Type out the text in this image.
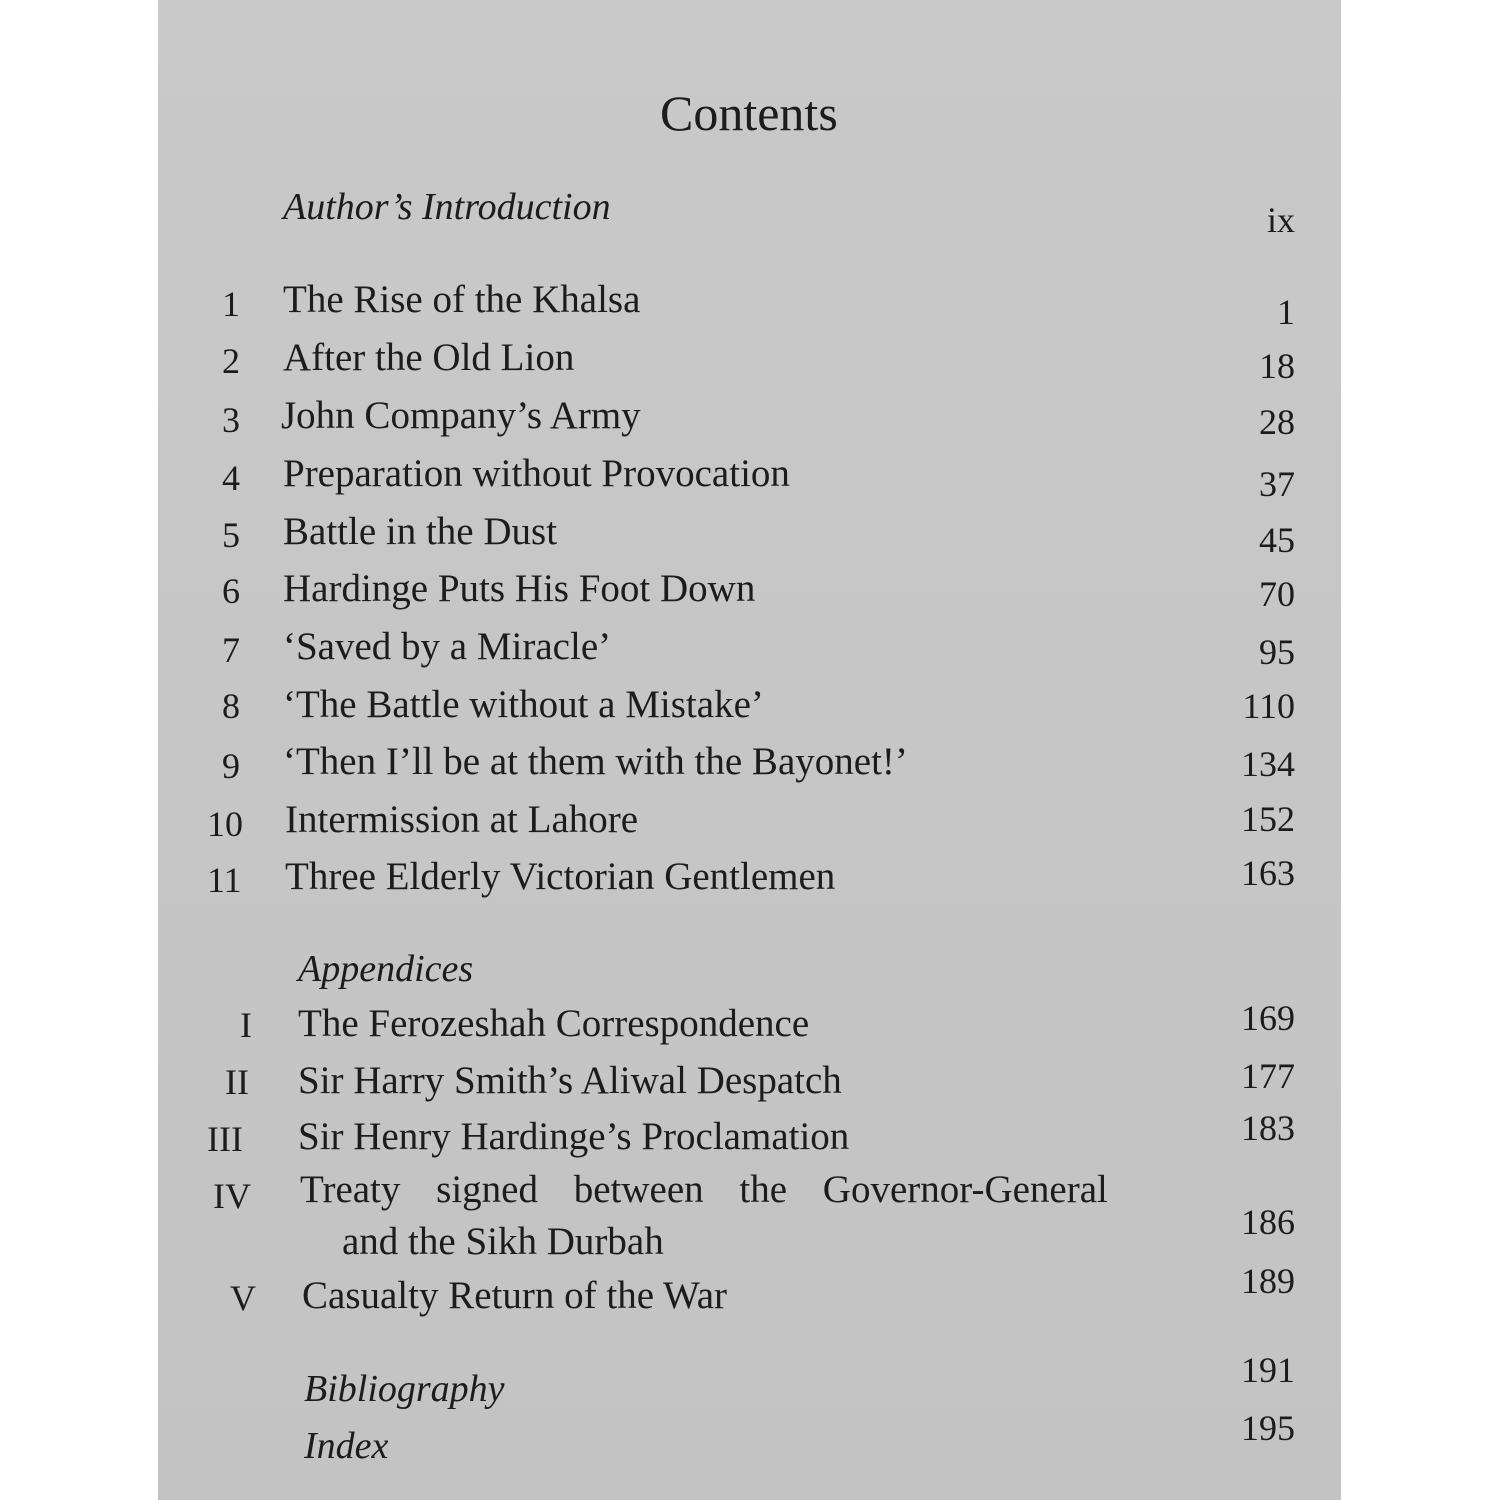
Contents
Author’s Introduction	ix
1 The Rise of the Khalsa	1
2 After the Old Lion	18
3 John Company’s Army	28
4 Preparation without Provocation	37
5 Battle in the Dust	45
6 Hardinge Puts His Foot Down	70
7 ‘Saved by a Miracle’	95
8 ‘The Battle without a Mistake’	110
9 ‘Then I’ll be at them with the Bayonet!’	134
10 Intermission at Lahore	152
11 Three Elderly Victorian Gentlemen	163
Appendices
I The Ferozeshah Correspondence	169
II Sir Harry Smith’s Aliwal Despatch	177
III Sir Henry Hardinge’s Proclamation	183
IV Treaty signed between the Governor-General
and the Sikh Durbah	186
V Casualty Return of the War	189
Bibliography	191
Index	195
